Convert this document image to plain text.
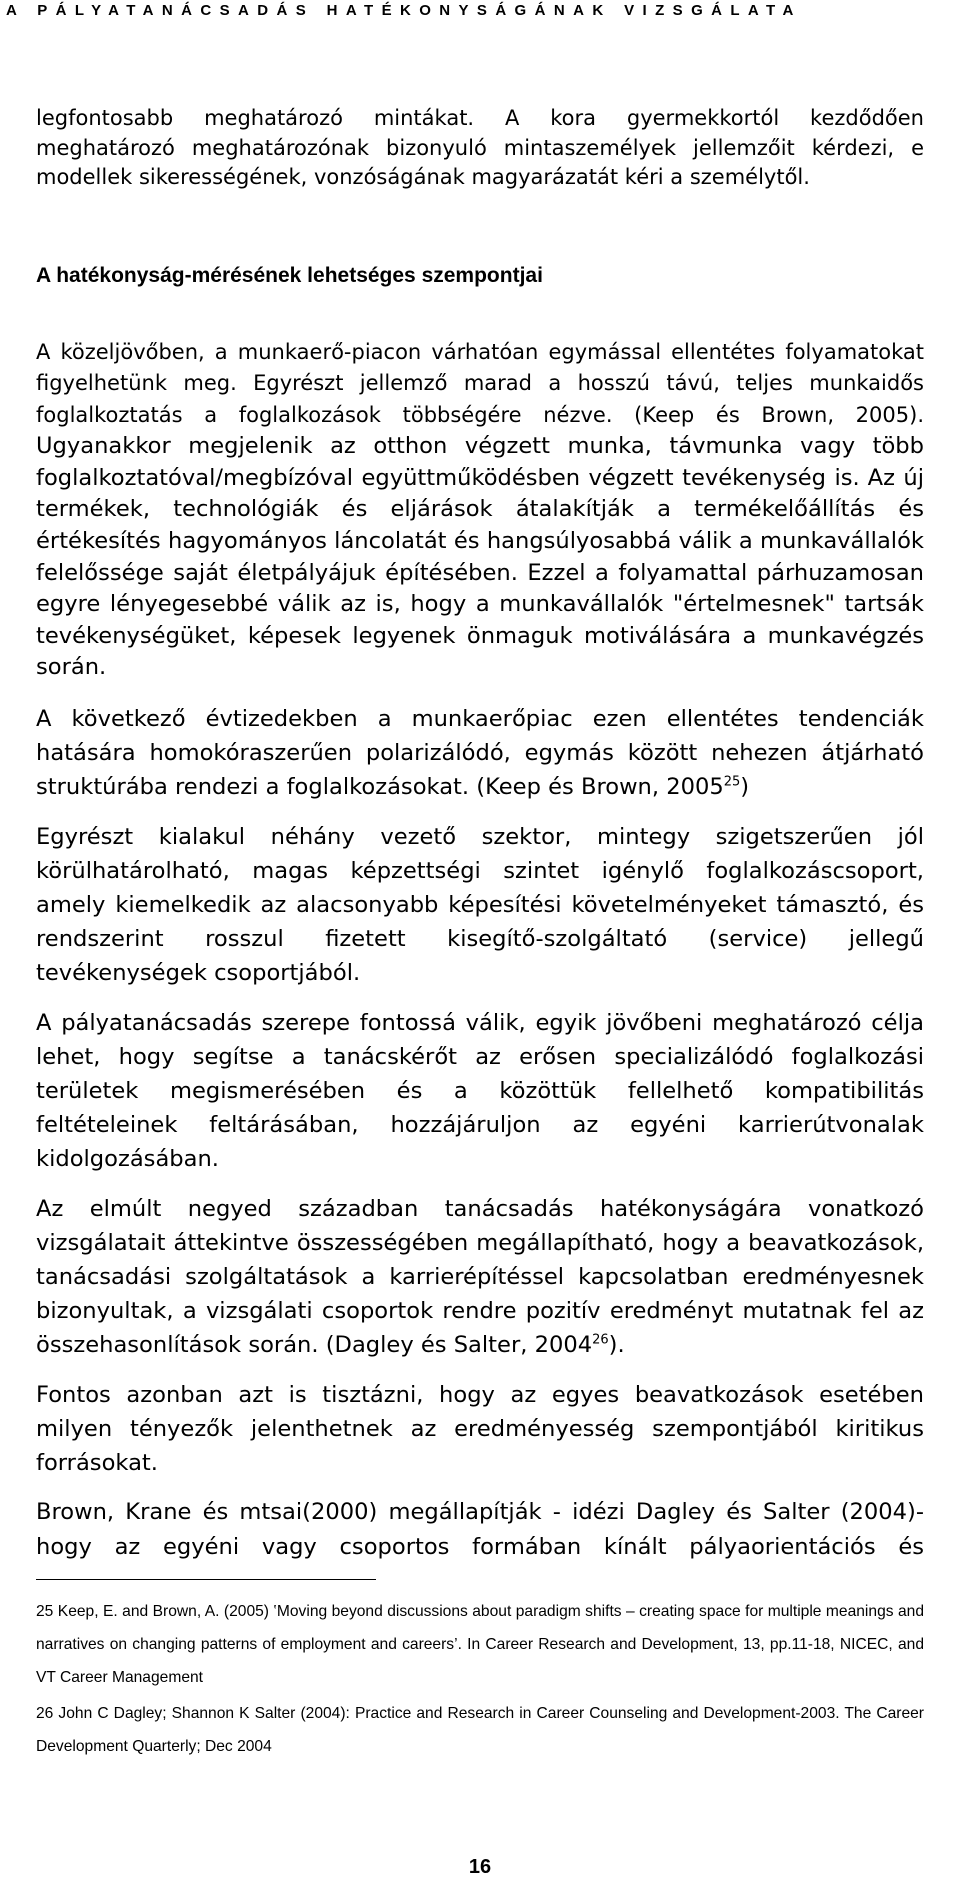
A PÁLYATANÁCSADÁS HATÉKONYSÁGÁNAK VIZSGÁLATA

legfontosabb meghatározó mintákat. A kora gyermekkortól kezdődően meghatározó meghatározónak bizonyuló mintaszemélyek jellemzőit kérdezi, e modellek sikerességének, vonzóságának magyarázatát kéri a személytől.

A hatékonyság-mérésének lehetséges szempontjai

A közeljövőben, a munkaerő-piacon várhatóan egymással ellentétes folyamatokat figyelhetünk meg. Egyrészt jellemző marad a hosszú távú, teljes munkaidős foglalkoztatás a foglalkozások többségére nézve. (Keep és Brown, 2005). Ugyanakkor megjelenik az otthon végzett munka, távmunka vagy több foglalkoztatóval/megbízóval együttműködésben végzett tevékenység is. Az új termékek, technológiák és eljárások átalakítják a termékelőállítás és értékesítés hagyományos láncolatát és hangsúlyosabbá válik a munkavállalók felelőssége saját életpályájuk építésében. Ezzel a folyamattal párhuzamosan egyre lényegesebbé válik az is, hogy a munkavállalók "értelmesnek" tartsák tevékenységüket, képesek legyenek önmaguk motiválására a munkavégzés során.

A következő évtizedekben a munkaerőpiac ezen ellentétes tendenciák hatására homokóraszerűen polarizálódó, egymás között nehezen átjárható struktúrába rendezi a foglalkozásokat. (Keep és Brown, 2005$^{25}$)

Egyrészt kialakul néhány vezető szektor, mintegy szigetszerűen jól körülhatárolható, magas képzettségi szintet igénylő foglalkozáscsoport, amely kiemelkedik az alacsonyabb képesítési követelményeket támasztó, és rendszerint rosszul fizetett kisegítő-szolgáltató (service) jellegű tevékenységek csoportjából.

A pályatanácsadás szerepe fontossá válik, egyik jövőbeni meghatározó célja lehet, hogy segítse a tanácskérőt az erősen specializálódó foglalkozási területek megismerésében és a közöttük fellelhető kompatibilitás feltételeinek feltárásában, hozzájáruljon az egyéni karrierútvonalak kidolgozásában.

Az elmúlt negyed században tanácsadás hatékonyságára vonatkozó vizsgálatait áttekintve összességében megállapítható, hogy a beavatkozások, tanácsadási szolgáltatások a karrierépítéssel kapcsolatban eredményesnek bizonyultak, a vizsgálati csoportok rendre pozitív eredményt mutatnak fel az összehasonlítások során. (Dagley és Salter, 2004$^{26}$).

Fontos azonban azt is tisztázni, hogy az egyes beavatkozások esetében milyen tényezők jelenthetnek az eredményesség szempontjából kiritikus forrásokat.

Brown, Krane és mtsai(2000) megállapítják - idézi Dagley és Salter (2004)- hogy az egyéni vagy csoportos formában kínált pályaorientációs és

25 Keep, E. and Brown, A. (2005) ‛Moving beyond discussions about paradigm shifts – creating space for multiple meanings and narratives on changing patterns of employment and careers’. In Career Research and Development, 13, pp.11-18, NICEC, and VT Career Management

26 John C Dagley; Shannon K Salter (2004): Practice and Research in Career Counseling and Development-2003. The Career Development Quarterly; Dec 2004

16
